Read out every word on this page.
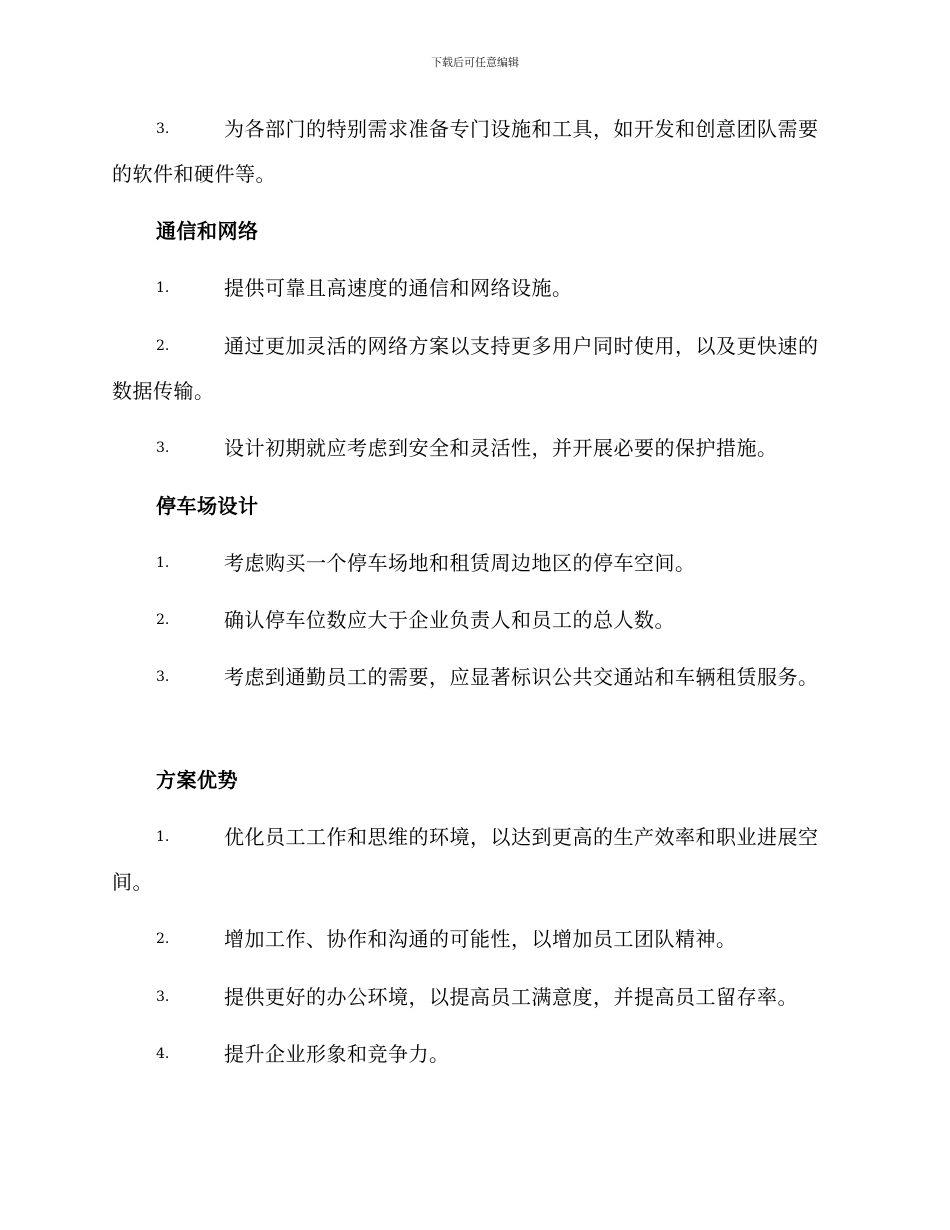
下载后可任意编辑
3.	为各部门的特别需求准备专门设施和工具，如开发和创意团队需要的软件和硬件等。
通信和网络
1.	提供可靠且高速度的通信和网络设施。
2.	通过更加灵活的网络方案以支持更多用户同时使用，以及更快速的数据传输。
3.	设计初期就应考虑到安全和灵活性，并开展必要的保护措施。
停车场设计
1.	考虑购买一个停车场地和租赁周边地区的停车空间。
2.	确认停车位数应大于企业负责人和员工的总人数。
3.	考虑到通勤员工的需要，应显著标识公共交通站和车辆租赁服务。
方案优势
1.	优化员工工作和思维的环境，以达到更高的生产效率和职业进展空间。
2.	增加工作、协作和沟通的可能性，以增加员工团队精神。
3.	提供更好的办公环境，以提高员工满意度，并提高员工留存率。
4.	提升企业形象和竞争力。
